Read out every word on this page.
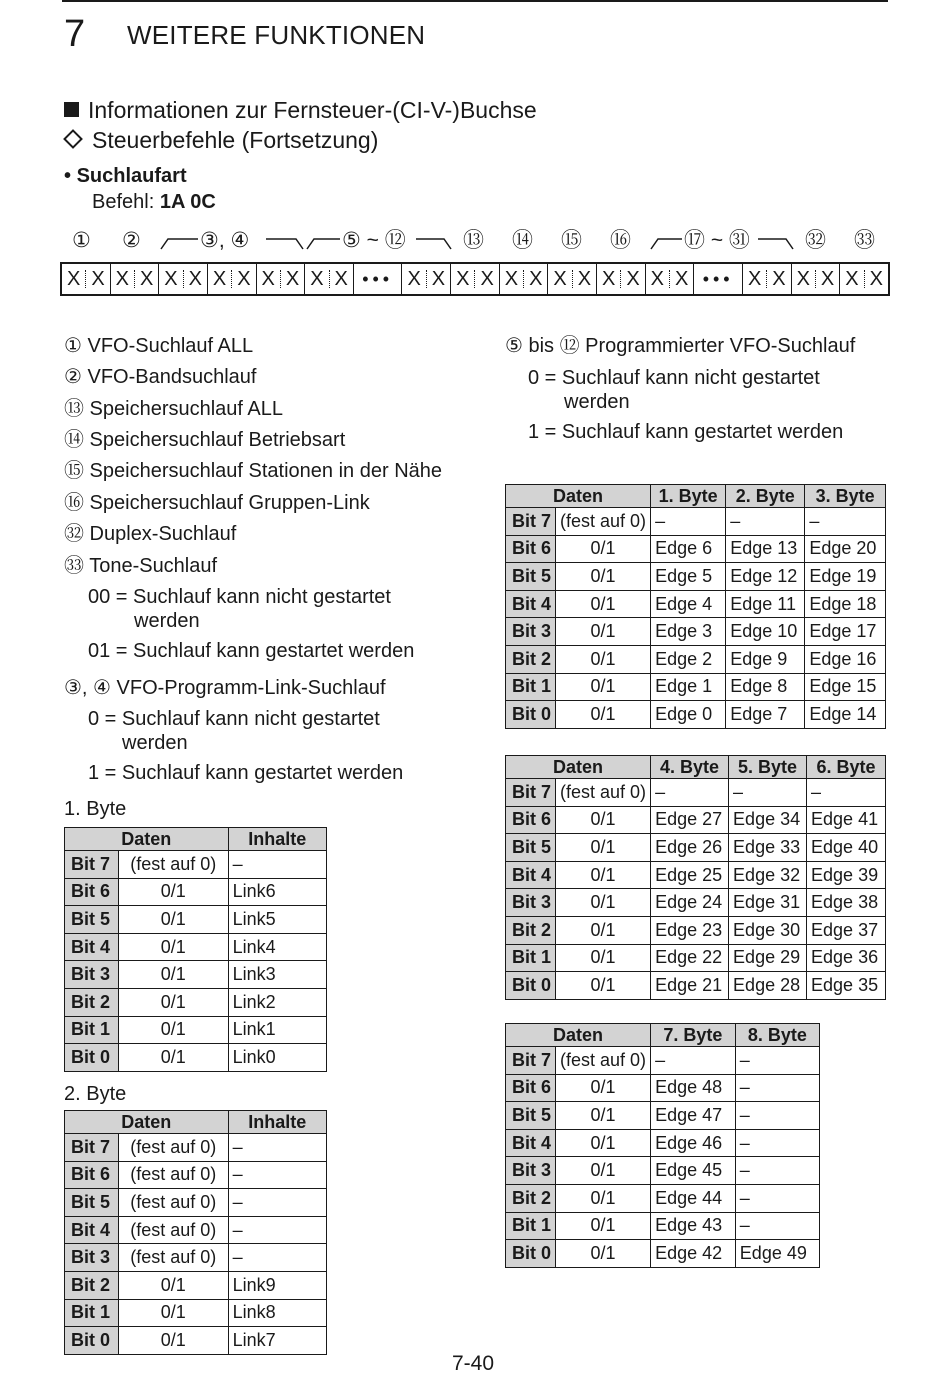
7 WEITERE FUNKTIONEN
Informationen zur Fernsteuer-(CI-V-)Buchse
Steuerbefehle (Fortsetzung)
• Suchlaufart
Befehl: 1A 0C
① ②	③, ④	⑤ ~ ⑫	⑬ ⑭ ⑮ ⑯	⑰ ~ ㉛	㉜ ㉝
X X X X X X X X X X X X ••• X X X X X X X X X X X X ••• X X X X X X
① VFO-Suchlauf ALL
② VFO-Bandsuchlauf
⑬ Speichersuchlauf ALL
⑭ Speichersuchlauf Betriebsart
⑮ Speichersuchlauf Stationen in der Nähe
⑯ Speichersuchlauf Gruppen-Link
㉜ Duplex-Suchlauf
㉝ Tone-Suchlauf
00 = Suchlauf kann nicht gestartet
werden
01 = Suchlauf kann gestartet werden
③, ④ VFO-Programm-Link-Suchlauf
0 = Suchlauf kann nicht gestartet
werden
1 = Suchlauf kann gestartet werden
⑤ bis ⑫ Programmierter VFO-Suchlauf
0 = Suchlauf kann nicht gestartet
werden
1 = Suchlauf kann gestartet werden
1. Byte
Daten		Inhalte
Bit 7	(fest auf 0)	–
Bit 6	0/1	Link6
Bit 5	0/1	Link5
Bit 4	0/1	Link4
Bit 3	0/1	Link3
Bit 2	0/1	Link2
Bit 1	0/1	Link1
Bit 0	0/1	Link0
2. Byte
Daten		Inhalte
Bit 7	(fest auf 0)	–
Bit 6	(fest auf 0)	–
Bit 5	(fest auf 0)	–
Bit 4	(fest auf 0)	–
Bit 3	(fest auf 0)	–
Bit 2	0/1	Link9
Bit 1	0/1	Link8
Bit 0	0/1	Link7
Daten		1. Byte	2. Byte	3. Byte
Bit 7	(fest auf 0)	–	–	–
Bit 6	0/1	Edge 6	Edge 13	Edge 20
Bit 5	0/1	Edge 5	Edge 12	Edge 19
Bit 4	0/1	Edge 4	Edge 11	Edge 18
Bit 3	0/1	Edge 3	Edge 10	Edge 17
Bit 2	0/1	Edge 2	Edge 9	Edge 16
Bit 1	0/1	Edge 1	Edge 8	Edge 15
Bit 0	0/1	Edge 0	Edge 7	Edge 14
Daten		4. Byte	5. Byte	6. Byte
Bit 7	(fest auf 0)	–	–	–
Bit 6	0/1	Edge 27	Edge 34	Edge 41
Bit 5	0/1	Edge 26	Edge 33	Edge 40
Bit 4	0/1	Edge 25	Edge 32	Edge 39
Bit 3	0/1	Edge 24	Edge 31	Edge 38
Bit 2	0/1	Edge 23	Edge 30	Edge 37
Bit 1	0/1	Edge 22	Edge 29	Edge 36
Bit 0	0/1	Edge 21	Edge 28	Edge 35
Daten		7. Byte	8. Byte
Bit 7	(fest auf 0)	–	–
Bit 6	0/1	Edge 48	–
Bit 5	0/1	Edge 47	–
Bit 4	0/1	Edge 46	–
Bit 3	0/1	Edge 45	–
Bit 2	0/1	Edge 44	–
Bit 1	0/1	Edge 43	–
Bit 0	0/1	Edge 42	Edge 49
7-40
